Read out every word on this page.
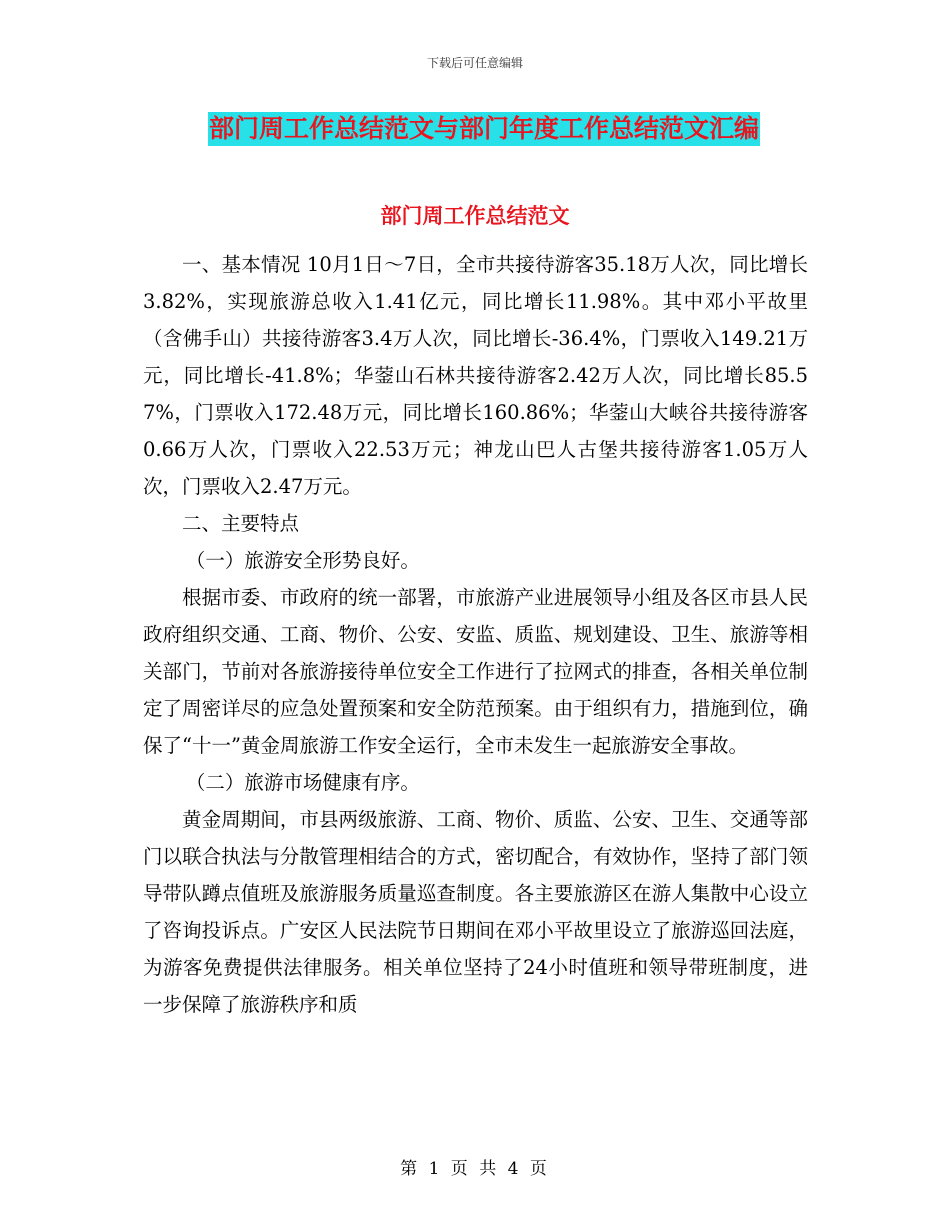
下载后可任意编辑
部门周工作总结范文与部门年度工作总结范文汇编
部门周工作总结范文

一、基本情况 10月1日～7日，全市共接待游客35.18万人次，同比增长3.82%，实现旅游总收入1.41亿元，同比增长11.98%。其中邓小平故里（含佛手山）共接待游客3.4万人次，同比增长-36.4%，门票收入149.21万元，同比增长-41.8%；华蓥山石林共接待游客2.42万人次，同比增长85.57%，门票收入172.48万元，同比增长160.86%；华蓥山大峡谷共接待游客0.66万人次，门票收入22.53万元；神龙山巴人古堡共接待游客1.05万人次，门票收入2.47万元。

二、主要特点

（一）旅游安全形势良好。

根据市委、市政府的统一部署，市旅游产业进展领导小组及各区市县人民政府组织交通、工商、物价、公安、安监、质监、规划建设、卫生、旅游等相关部门，节前对各旅游接待单位安全工作进行了拉网式的排查，各相关单位制定了周密详尽的应急处置预案和安全防范预案。由于组织有力，措施到位，确保了“十一”黄金周旅游工作安全运行，全市未发生一起旅游安全事故。

（二）旅游市场健康有序。

黄金周期间，市县两级旅游、工商、物价、质监、公安、卫生、交通等部门以联合执法与分散管理相结合的方式，密切配合，有效协作，坚持了部门领导带队蹲点值班及旅游服务质量巡查制度。各主要旅游区在游人集散中心设立了咨询投诉点。广安区人民法院节日期间在邓小平故里设立了旅游巡回法庭，为游客免费提供法律服务。相关单位坚持了24小时值班和领导带班制度，进一步保障了旅游秩序和质

第 1 页 共 4 页
